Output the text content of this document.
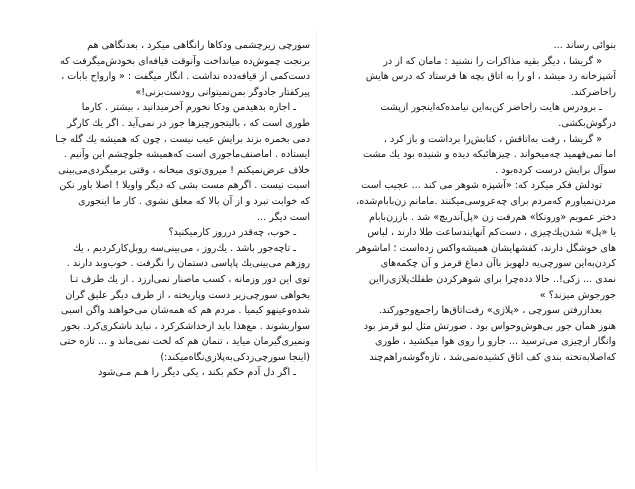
سورچی زیرچشمی ودکاها رانگاهی میکرد ، بعدنگاهی هم
برنجت چموش‌ده میانداخت وآنوقت قیافه‌ای بخودش‌میگرفت که
دست‌کمی از قیافه‌دده نداشت . انگار میگفت : « وارواح بابات ،
پیرکفتار جادوگر بمن‌نمیتوانی رودست‌بزنی!»
ـ اجازه بدهیدمن ودکا نخورم آخرمیدانید ، بیشتر . کارما
طوری است که ، بالیتجورچیزها جور در نمی‌آید . اگر یك کارگر
دمی بخمره بزند برایش عیب نیست ، چون که همیشه یك گله جـا
ایستاده . اماصنف‌ماجوری است که‌همیشه جلوچشم این وآنیم .
خلاف عرض‌نمیکنم ! میروی‌توی میخانه ، وقتی برمیگردی‌می‌بینی
اسبت نیست . اگرهم مست بشی که دیگر واویلا ! اصلا باور نکن
که خوابت نبرد و از آن بالا که معلق نشوی . کار ما اینجوری
است دیگر ...
ـ خوب، چه‌قدر درروز کارمیکنید؟
ـ تاچه‌جور باشد . یك‌روز ، می‌بینی‌سه روبل‌کارکردیم ، یك
روزهم می‌بینی‌یك پاپاسی دستمان را نگرفت . خوب‌وبد دارند .
توی این دور وزمانه ، کسب ماصنار نمی‌ارزد . از یك طرف تـا
بخواهی سورچی‌زیر دست وپاریخته ، از طرف دیگر علیق گران
شده‌وعینهو کیمیا . مردم هم که همه‌شان می‌خواهند واگن اسبی
سواربشوند . مع‌هذا باید ازخداشکرکرد ، نباید ناشکری‌کرد. بخور
ونمیری‌گیرمان میاید ، تنمان هم که لخت نمی‌ماند و ... تازه حتی
(اینجا سورچی‌زدکی‌به‌پلازی‌نگاه‌میکند:)
ـ اگر دل آدم حکم بکند ، یکی دیگر را هـم مـی‌شود
بنوائی رساند ...
« گریشا ، دیگر بقیه مذاکرات را نشنید : مامان که از در
آشپزخانه رد میشد ، او را به اتاق بچه ها فرستاد که درس هایش
راحاضرکند.
ـ برودرس هایت راحاضر کن‌به‌این نیامده‌که‌اینجور ازپشت
درگوش‌بکشی.
« گریشا ، رفت به‌اتاقش ، کتابش‌را برداشت و باز کرد ،
اما نمی‌فهمید چه‌میخواند . چیزهائیکه دیده و شنیده بود یك مشت
سوآل برایش درست کرده‌بود .
تودلش فکر میکرد که: «آشپزه شوهر می کند ... عجیب است
مردن‌نمیاورم که‌مردم برای چه‌عروسی‌میکنند .مامانم زن‌بابام‌شده،
دختر عمویم «ورونکا» هم‌رفت زن «پل‌آندریچ» شد . باززن‌بابام
یا «پل» شدن‌یك‌چیزی ، دست‌کم آنهایندساعت طلا دارند ، لباس
های خوشگل دارند، کفشهایشان همیشه‌واکس زده‌است ؛ اماشوهر
کردن‌به‌این سورچی‌یه دلهویز باآن دماغ قرمز و آن چکمه‌های
نمدی ... زکی!.. حالا دده‌چرا برای شوهرکردن طفلك‌پلاژی‌را‌این
جورجوش میزند؟ »
بعدازرفتن سورچی ، «پلاژی» رفت‌اتاق‌ها راجمع‌وجورکند.
هنوز همان جور بی‌هوش‌وحواس بود . صورتش مثل لبو قرمز بود
وانگار ازچیزی می‌ترسید ... جارو را روی هوا میکشید ، طوری
که‌اصلا‌به‌تخته بندی کف اتاق کشیده‌نمی‌شد ، تازه‌گوشه‌راهم‌چند
